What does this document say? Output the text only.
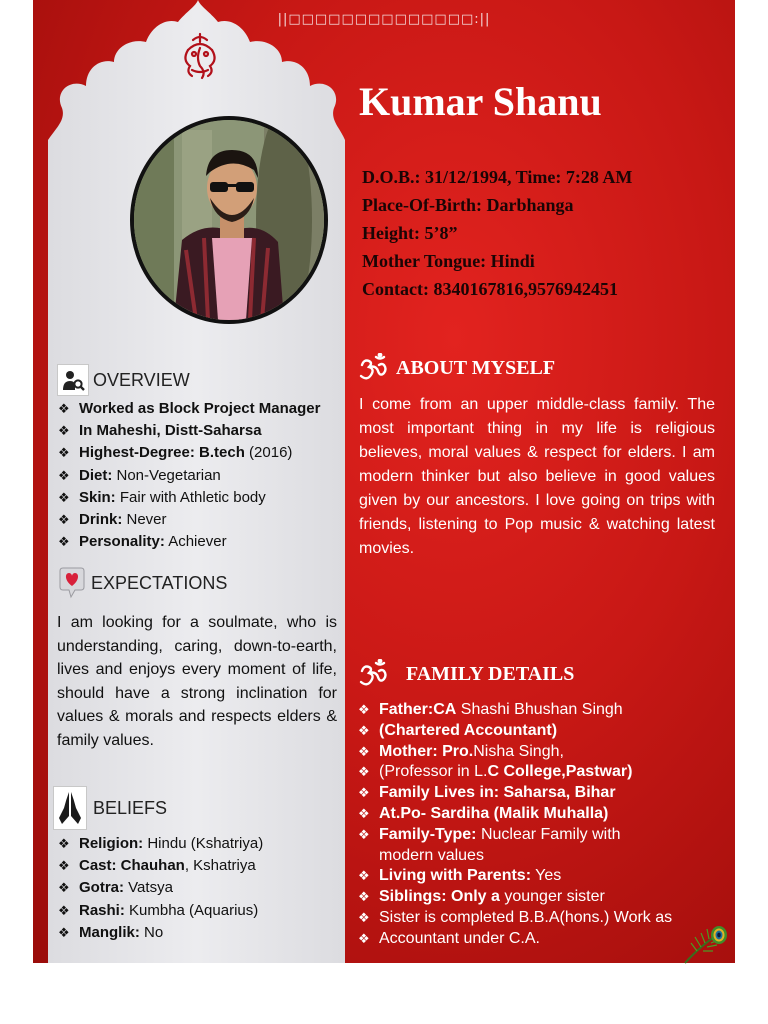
||□□□□□□□□□□□□□□:||
Kumar Shanu
D.O.B.: 31/12/1994, Time: 7:28 AM
Place-Of-Birth: Darbhanga
Height: 5’8”
Mother Tongue: Hindi
Contact: 8340167816,9576942451
ABOUT MYSELF
I come from an upper middle-class family. The most important thing in my life is religious believes, moral values & respect for elders. I am modern thinker but also believe in good values given by our ancestors. I love going on trips with friends, listening to Pop music & watching latest movies.
FAMILY DETAILS
❖ Father:CA Shashi Bhushan Singh
❖ (Chartered Accountant)
❖ Mother: Pro.Nisha Singh,
❖ (Professor in L.C College,Pastwar)
❖ Family Lives in: Saharsa, Bihar
❖ At.Po- Sardiha (Malik Muhalla)
❖ Family-Type: Nuclear Family with modern values
❖ Living with Parents: Yes
❖ Siblings: Only a younger sister
❖ Sister is completed B.B.A(hons.) Work as
❖ Accountant under C.A.
OVERVIEW
❖ Worked as Block Project Manager
❖ In Maheshi, Distt-Saharsa
❖ Highest-Degree: B.tech (2016)
❖ Diet: Non-Vegetarian
❖ Skin: Fair with Athletic body
❖ Drink: Never
❖ Personality: Achiever
EXPECTATIONS
I am looking for a soulmate, who is understanding, caring, down-to-earth, lives and enjoys every moment of life, should have a strong inclination for values & morals and respects elders & family values.
BELIEFS
❖ Religion: Hindu (Kshatriya)
❖ Cast: Chauhan, Kshatriya
❖ Gotra: Vatsya
❖ Rashi: Kumbha (Aquarius)
❖ Manglik: No
